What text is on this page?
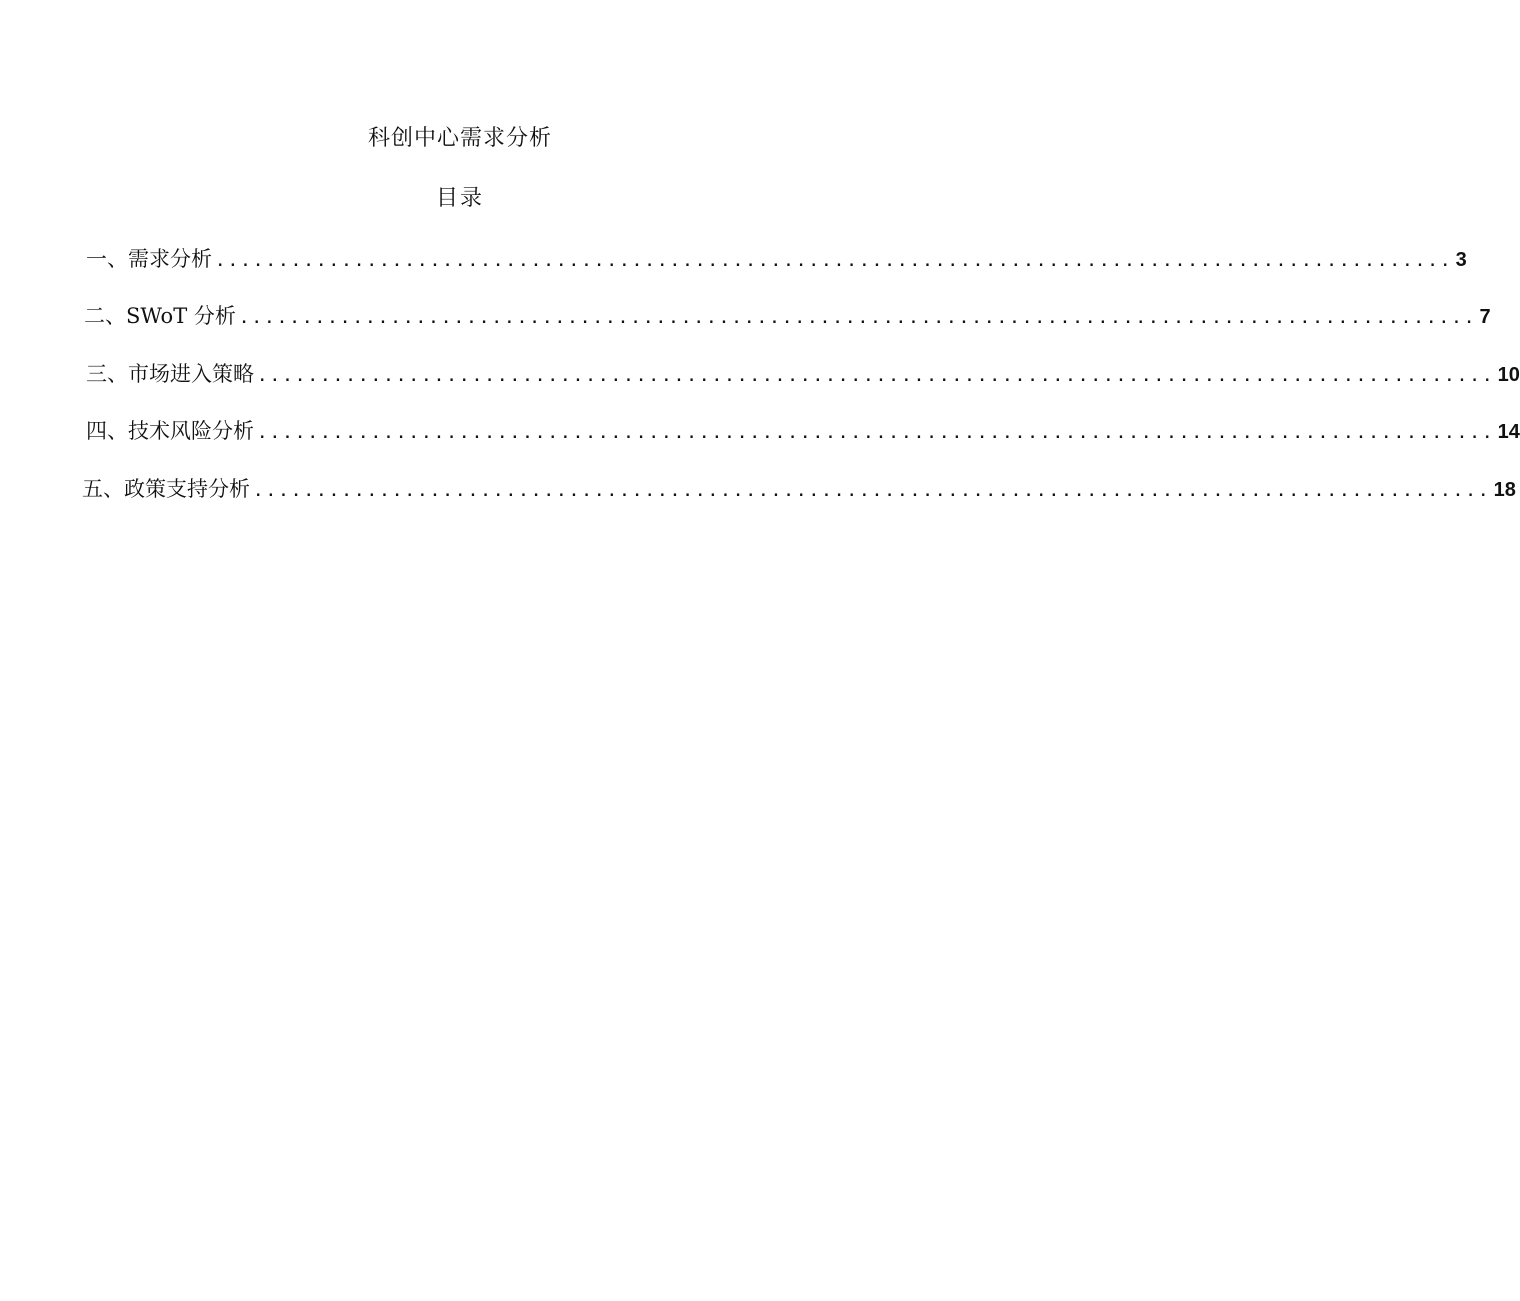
科创中心需求分析
目录
一、需求分析 .................................................................................................. 3
二、SWoT 分析 .................................................................................................. 7
三、市场进入策略 .................................................................................................. 10
四、技术风险分析 .................................................................................................. 14
五、政策支持分析 .................................................................................................. 18
